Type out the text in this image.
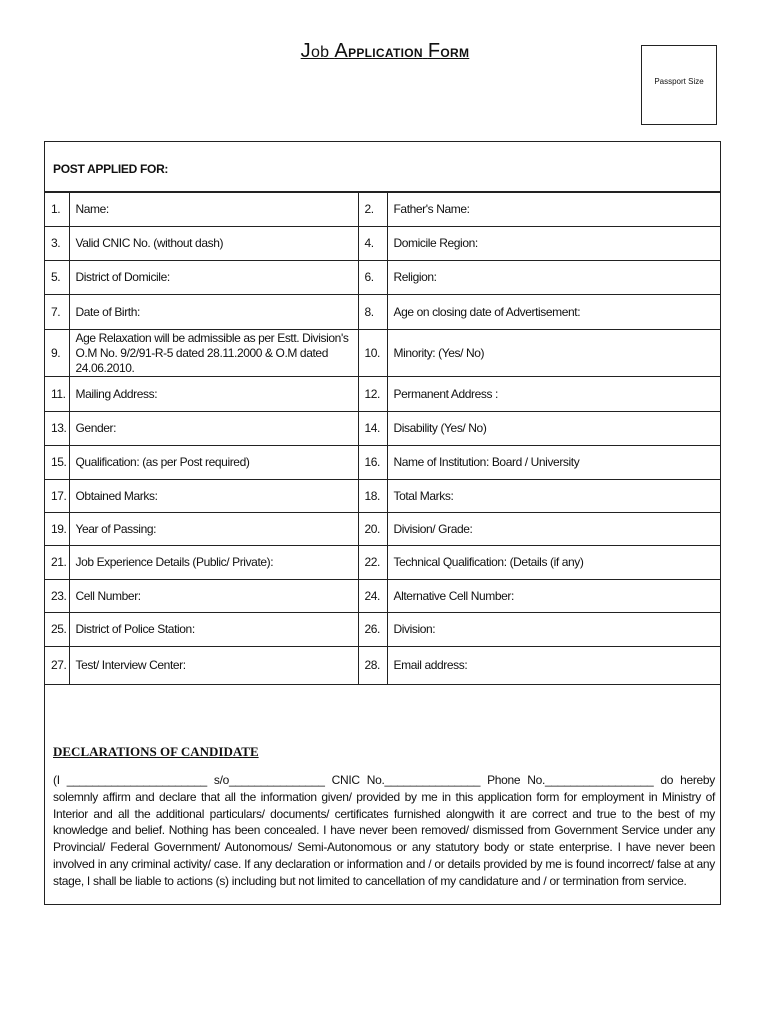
Job APPLICATION FORM
Passport Size
POST APPLIED FOR:
1.	Name:	2.	Father's Name:
3.	Valid CNIC No. (without dash)	4.	Domicile Region:
5.	District of Domicile:	6.	Religion:
7.	Date of Birth:	8.	Age on closing date of Advertisement:
9.	Age Relaxation will be admissible as per Estt. Division's O.M No. 9/2/91-R-5 dated 28.11.2000 & O.M dated 24.06.2010.	10.	Minority: (Yes/ No)
11.	Mailing Address:	12.	Permanent Address :
13.	Gender:	14.	Disability (Yes/ No)
15.	Qualification: (as per Post required)	16.	Name of Institution: Board / University
17.	Obtained Marks:	18.	Total Marks:
19.	Year of Passing:	20.	Division/ Grade:
21.	Job Experience Details (Public/ Private):	22.	Technical Qualification: (Details (if any)
23.	Cell Number:	24.	Alternative Cell Number:
25.	District of Police Station:	26.	Division:
27.	Test/ Interview Center:	28.	Email address:
DECLARATIONS OF CANDIDATE

(I ______________________ s/o_______________ CNIC No._______________ Phone No._________________ do hereby solemnly affirm and declare that all the information given/ provided by me in this application form for employment in Ministry of Interior and all the additional particulars/ documents/ certificates furnished alongwith it are correct and true to the best of my knowledge and belief. Nothing has been concealed. I have never been removed/ dismissed from Government Service under any Provincial/ Federal Government/ Autonomous/ Semi-Autonomous or any statutory body or state enterprise. I have never been involved in any criminal activity/ case. If any declaration or information and / or details provided by me is found incorrect/ false at any stage, I shall be liable to actions (s) including but not limited to cancellation of my candidature and / or termination from service.
